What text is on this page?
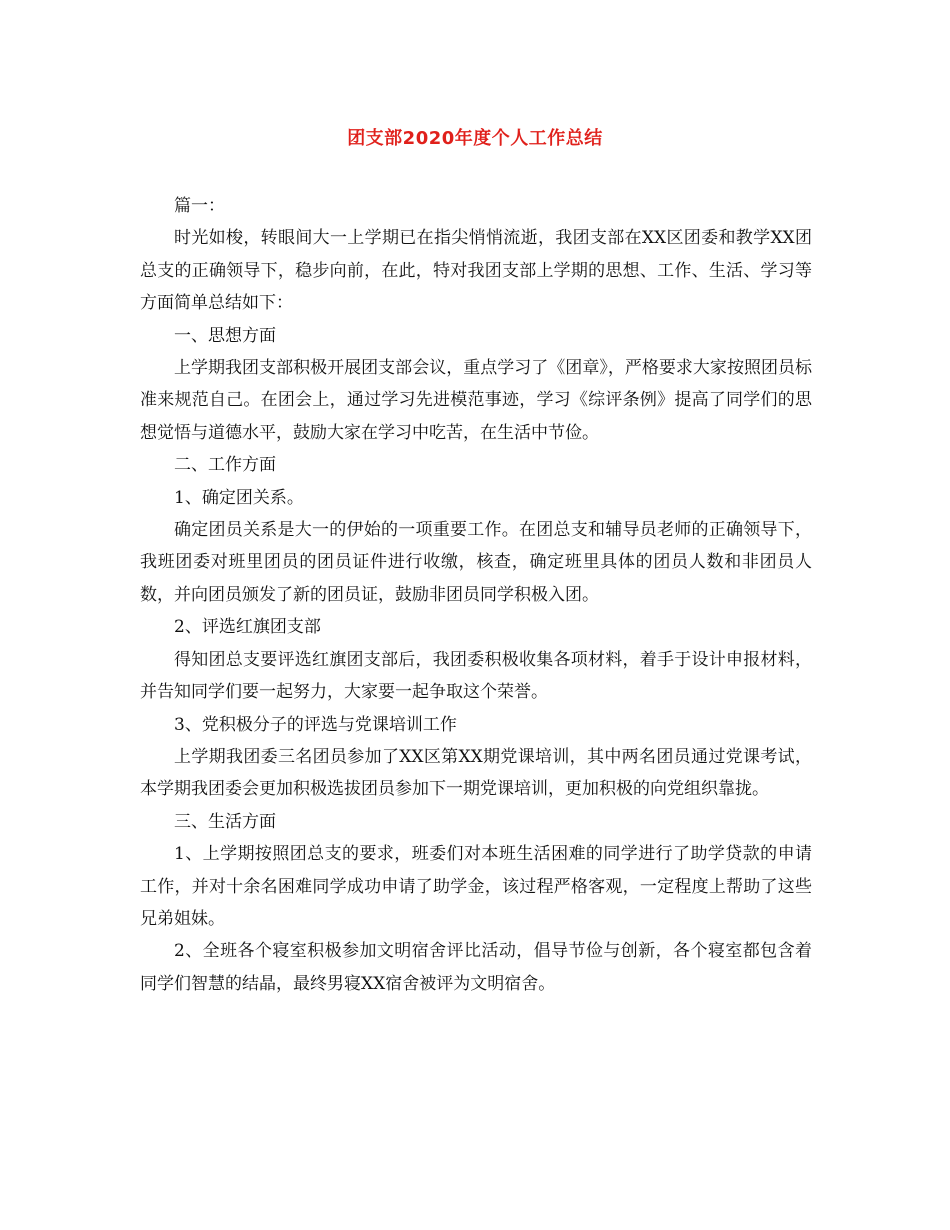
团支部2020年度个人工作总结

篇一：

时光如梭，转眼间大一上学期已在指尖悄悄流逝，我团支部在XX区团委和教学XX团总支的正确领导下，稳步向前，在此，特对我团支部上学期的思想、工作、生活、学习等方面简单总结如下：

一、思想方面

上学期我团支部积极开展团支部会议，重点学习了《团章》，严格要求大家按照团员标准来规范自己。在团会上，通过学习先进模范事迹，学习《综评条例》提高了同学们的思想觉悟与道德水平，鼓励大家在学习中吃苦，在生活中节俭。

二、工作方面

1、确定团关系。

确定团员关系是大一的伊始的一项重要工作。在团总支和辅导员老师的正确领导下，我班团委对班里团员的团员证件进行收缴，核查，确定班里具体的团员人数和非团员人数，并向团员颁发了新的团员证，鼓励非团员同学积极入团。

2、评选红旗团支部

得知团总支要评选红旗团支部后，我团委积极收集各项材料，着手于设计申报材料，并告知同学们要一起努力，大家要一起争取这个荣誉。

3、党积极分子的评选与党课培训工作

上学期我团委三名团员参加了XX区第XX期党课培训，其中两名团员通过党课考试，本学期我团委会更加积极选拔团员参加下一期党课培训，更加积极的向党组织靠拢。

三、生活方面

1、上学期按照团总支的要求，班委们对本班生活困难的同学进行了助学贷款的申请工作，并对十余名困难同学成功申请了助学金，该过程严格客观，一定程度上帮助了这些兄弟姐妹。

2、全班各个寝室积极参加文明宿舍评比活动，倡导节俭与创新，各个寝室都包含着同学们智慧的结晶，最终男寝XX宿舍被评为文明宿舍。
